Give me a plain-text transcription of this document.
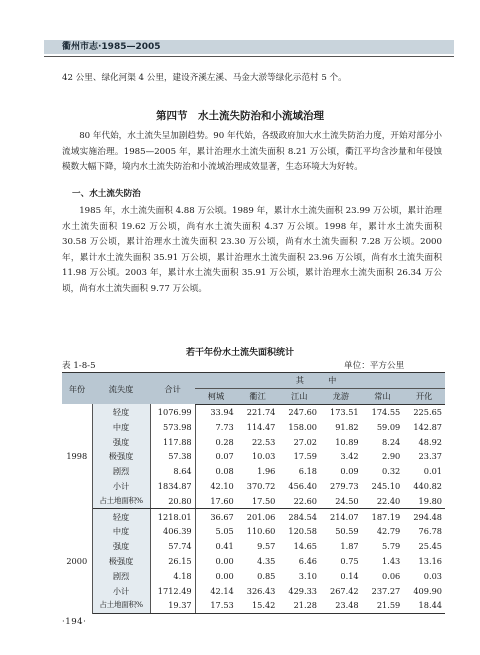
衢州市志·1985—2005

42 公里、绿化河渠 4 公里，建设齐溪左溪、马金大淤等绿化示范村 5 个。

第四节　水土流失防治和小流域治理

80 年代始，水土流失呈加剧趋势。90 年代始，各级政府加大水土流失防治力度，开始对部分小流域实施治理。1985—2005 年，累计治理水土流失面积 8.21 万公顷，衢江平均含沙量和年侵蚀模数大幅下降，境内水土流失防治和小流域治理成效显著，生态环境大为好转。

一、水土流失防治

1985 年，水土流失面积 4.88 万公顷。1989 年，累计水土流失面积 23.99 万公顷，累计治理水土流失面积 19.62 万公顷，尚有水土流失面积 4.37 万公顷。1998 年，累计水土流失面积 30.58 万公顷，累计治理水土流失面积 23.30 万公顷，尚有水土流失面积 7.28 万公顷。2000 年，累计水土流失面积 35.91 万公顷，累计治理水土流失面积 23.96 万公顷，尚有水土流失面积 11.98 万公顷。2003 年，累计水土流失面积 35.91 万公顷，累计治理水土流失面积 26.34 万公顷，尚有水土流失面积 9.77 万公顷。

若干年份水土流失面积统计
表 1-8-5	单位：平方公里
年份	流失度	合计	其　中					
			柯城	衢江	江山	龙游	常山	开化
1998	轻度	1076.99	33.94	221.74	247.60	173.51	174.55	225.65
	中度	573.98	7.73	114.47	158.00	91.82	59.09	142.87
	强度	117.88	0.28	22.53	27.02	10.89	8.24	48.92
	极强度	57.38	0.07	10.03	17.59	3.42	2.90	23.37
	剧烈	8.64	0.08	1.96	6.18	0.09	0.32	0.01
	小计	1834.87	42.10	370.72	456.40	279.73	245.10	440.82
	占土地面积%	20.80	17.60	17.50	22.60	24.50	22.40	19.80
2000	轻度	1218.01	36.67	201.06	284.54	214.07	187.19	294.48
	中度	406.39	5.05	110.60	120.58	50.59	42.79	76.78
	强度	57.74	0.41	9.57	14.65	1.87	5.79	25.45
	极强度	26.15	0.00	4.35	6.46	0.75	1.43	13.16
	剧烈	4.18	0.00	0.85	3.10	0.14	0.06	0.03
	小计	1712.49	42.14	326.43	429.33	267.42	237.27	409.90
	占土地面积%	19.37	17.53	15.42	21.28	23.48	21.59	18.44
·194·
